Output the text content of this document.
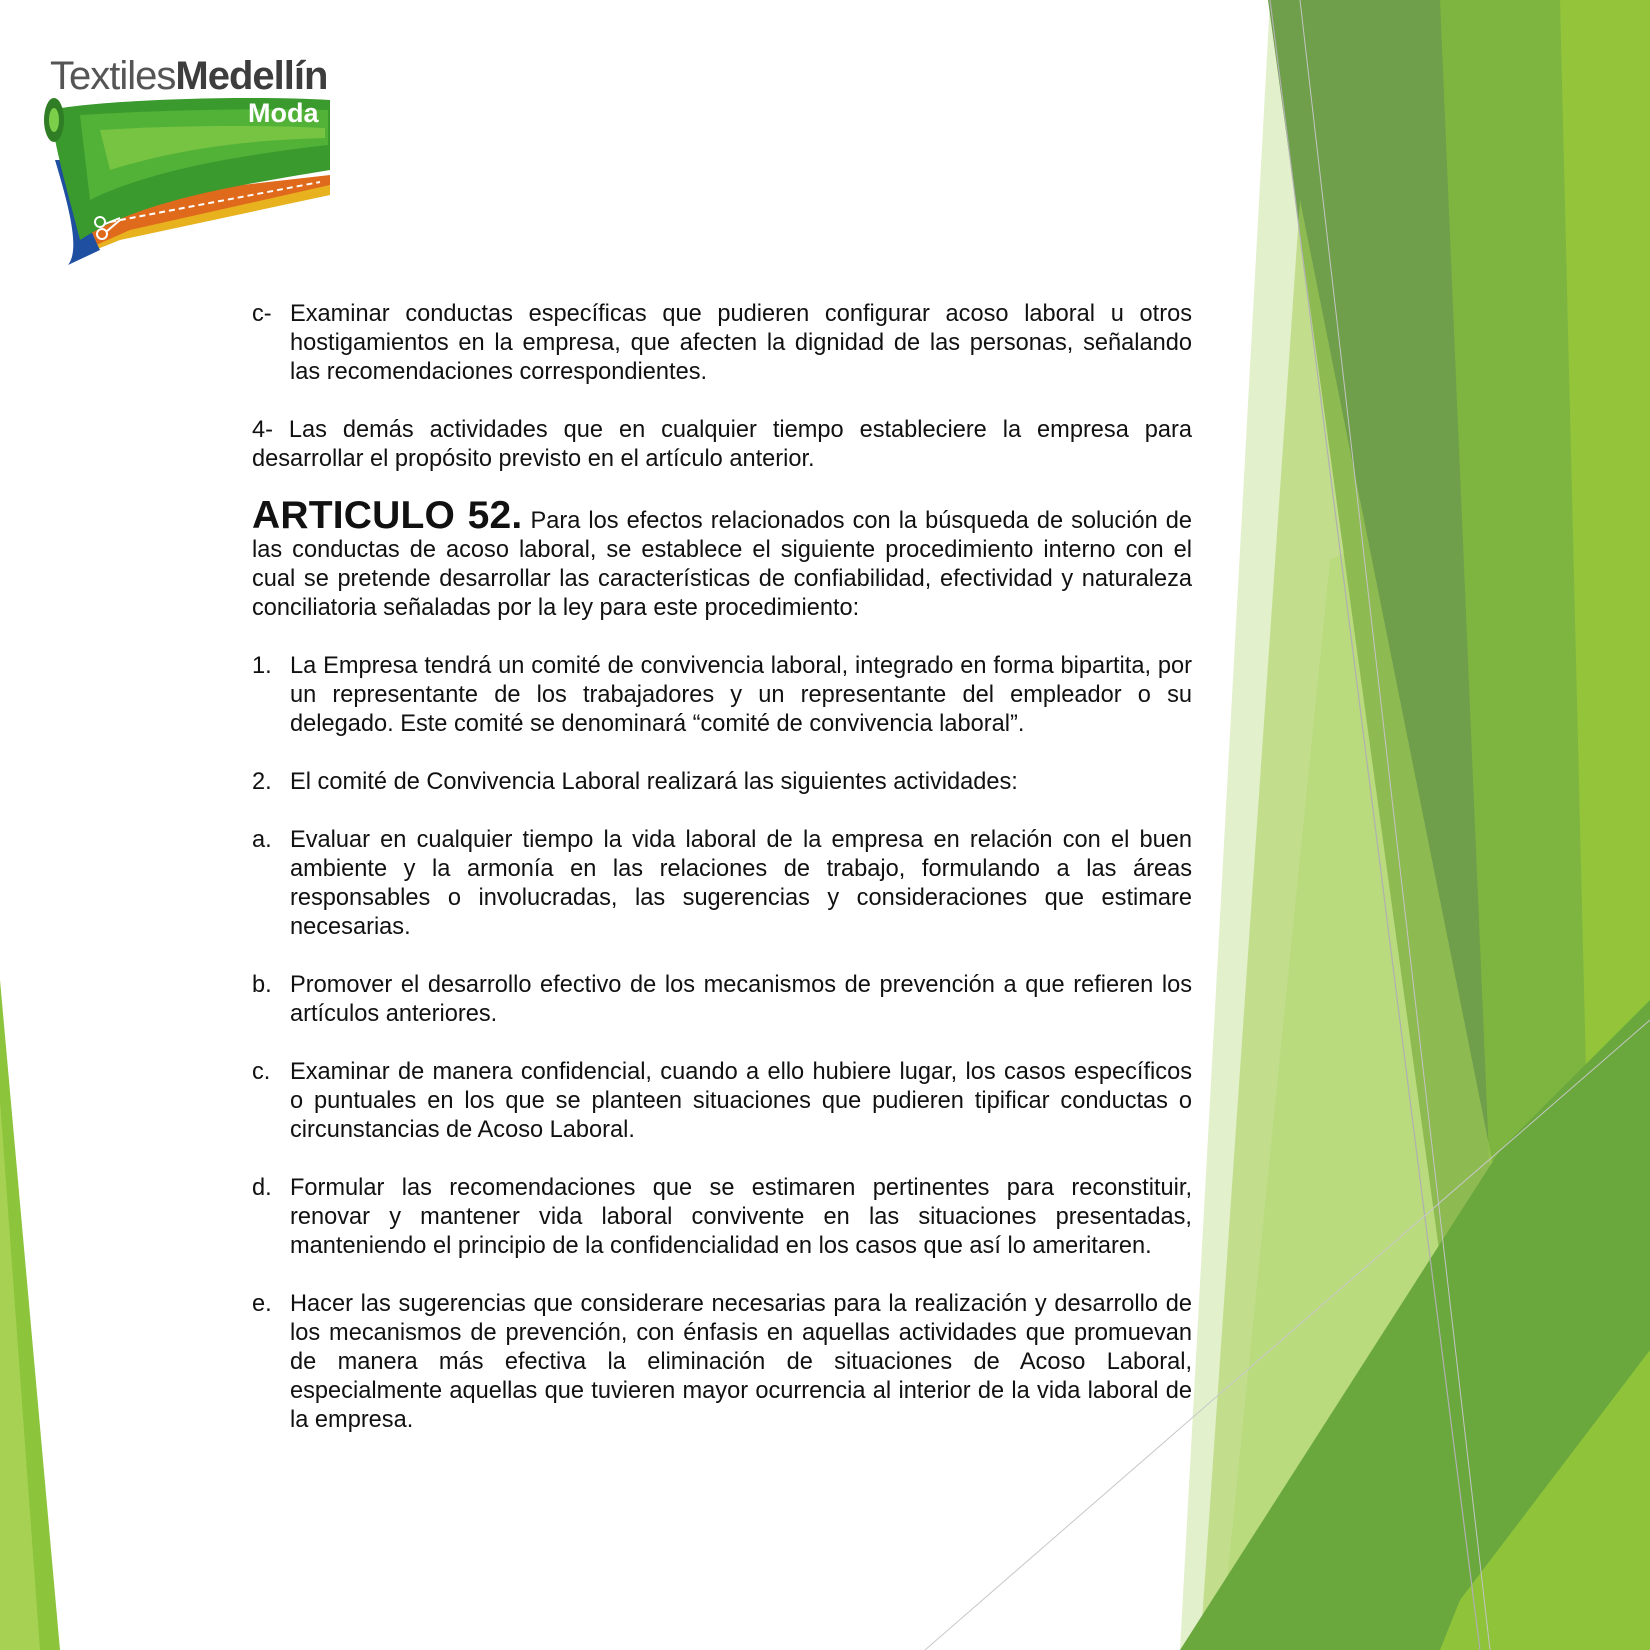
TextilesMedellín
Moda
c- Examinar conductas específicas que pudieren configurar acoso laboral u otros hostigamientos en la empresa, que afecten la dignidad de las personas, señalando las recomendaciones correspondientes.

4- Las demás actividades que en cualquier tiempo estableciere la empresa para desarrollar el propósito previsto en el artículo anterior.

ARTICULO 52. Para los efectos relacionados con la búsqueda de solución de las conductas de acoso laboral, se establece el siguiente procedimiento interno con el cual se pretende desarrollar las características de confiabilidad, efectividad y naturaleza conciliatoria señaladas por la ley para este procedimiento:

1. La Empresa tendrá un comité de convivencia laboral, integrado en forma bipartita, por un representante de los trabajadores y un representante del empleador o su delegado. Este comité se denominará “comité de convivencia laboral”.
2. El comité de Convivencia Laboral realizará las siguientes actividades:
a. Evaluar en cualquier tiempo la vida laboral de la empresa en relación con el buen ambiente y la armonía en las relaciones de trabajo, formulando a las áreas responsables o involucradas, las sugerencias y consideraciones que estimare necesarias.
b. Promover el desarrollo efectivo de los mecanismos de prevención a que refieren los artículos anteriores.
c. Examinar de manera confidencial, cuando a ello hubiere lugar, los casos específicos o puntuales en los que se planteen situaciones que pudieren tipificar conductas o circunstancias de Acoso Laboral.
d. Formular las recomendaciones que se estimaren pertinentes para reconstituir, renovar y mantener vida laboral convivente en las situaciones presentadas, manteniendo el principio de la confidencialidad en los casos que así lo ameritaren.
e. Hacer las sugerencias que considerare necesarias para la realización y desarrollo de los mecanismos de prevención, con énfasis en aquellas actividades que promuevan de manera más efectiva la eliminación de situaciones de Acoso Laboral, especialmente aquellas que tuvieren mayor ocurrencia al interior de la vida laboral de la empresa.
